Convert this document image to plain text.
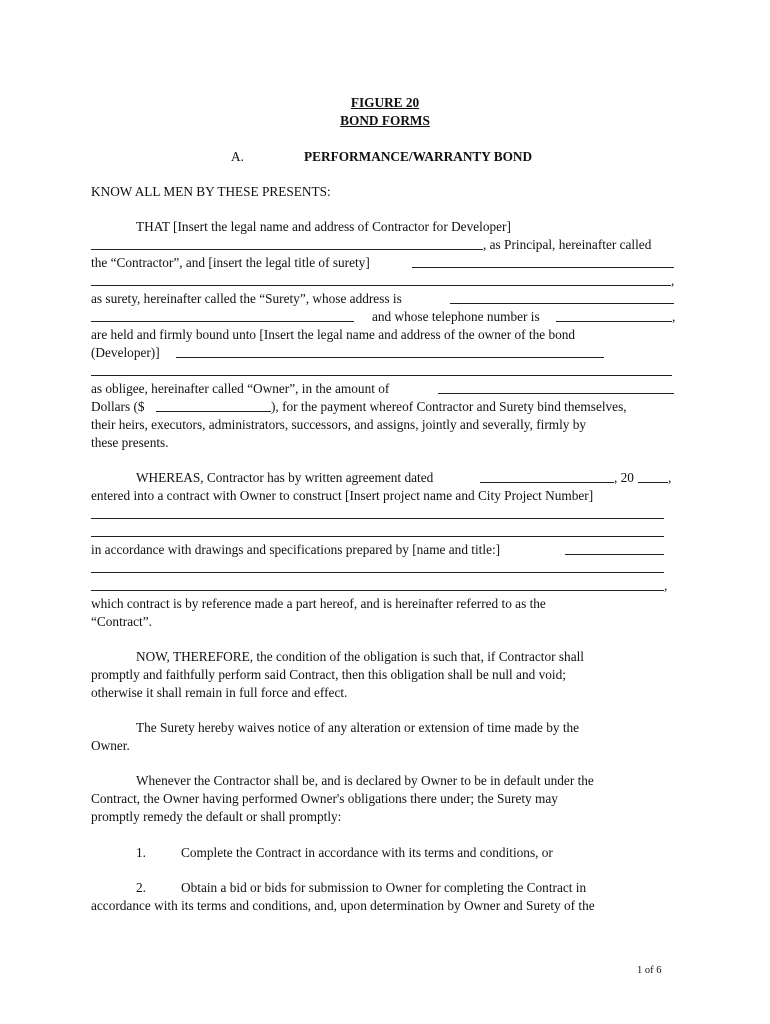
FIGURE 20
BOND FORMS
A.	PERFORMANCE/WARRANTY BOND
KNOW ALL MEN BY THESE PRESENTS:
THAT [Insert the legal name and address of Contractor for Developer]
, as Principal, hereinafter called
the “Contractor”, and [insert the legal title of surety]
,
as surety, hereinafter called the “Surety”, whose address is
and whose telephone number is	,
are held and firmly bound unto [Insert the legal name and address of the owner of the bond
(Developer)]
as obligee, hereinafter called “Owner”, in the amount of
Dollars ($	), for the payment whereof Contractor and Surety bind themselves,
their heirs, executors, administrators, successors, and assigns, jointly and severally, firmly by
these presents.
WHEREAS, Contractor has by written agreement dated	, 20	,
entered into a contract with Owner to construct [Insert project name and City Project Number]
in accordance with drawings and specifications prepared by [name and title:]
,
which contract is by reference made a part hereof, and is hereinafter referred to as the
“Contract”.
NOW, THEREFORE, the condition of the obligation is such that, if Contractor shall
promptly and faithfully perform said Contract, then this obligation shall be null and void;
otherwise it shall remain in full force and effect.
The Surety hereby waives notice of any alteration or extension of time made by the
Owner.
Whenever the Contractor shall be, and is declared by Owner to be in default under the
Contract, the Owner having performed Owner's obligations there under; the Surety may
promptly remedy the default or shall promptly:
1.	Complete the Contract in accordance with its terms and conditions, or
2.	Obtain a bid or bids for submission to Owner for completing the Contract in
accordance with its terms and conditions, and, upon determination by Owner and Surety of the
1 of 6
